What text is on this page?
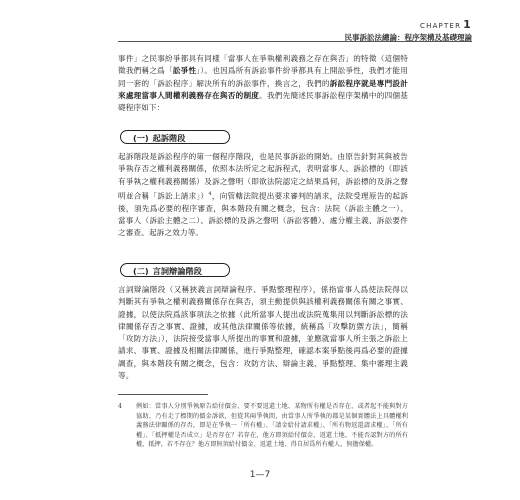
CHAPTER 1
民事訴訟法總論：程序架構及基礎理論

事件」之民事紛爭都具有同樣「當事人在爭執權利義務之存在與否」的特徵（這個特徵我們稱之爲「訟爭性」）。也因爲所有訴訟事件紛爭都具有上開訟爭性，我們才能用同一套的「訴訟程序」解決所有的訴訟事件，換言之，我們的訴訟程序就是專門設計來處理當事人間權利義務存在與否的制度。我們先簡述民事訴訟程序架構中的四個基礎程序如下：

(一) 起訴階段

起訴階段是訴訟程序的第一個程序階段，也是民事訴訟的開始。由原告針對其與被告爭執存否之權利義務關係，依照本法所定之起訴程式，表明當事人、訴訟標的（即該有爭執之權利義務關係）及訴之聲明（即欲法院認定之結果爲何，訴訟標的及訴之聲明並合稱「訴訟上請求」）$^4$，向管轄法院提出要求審判的請求，法院受理原告的起訴後，須先爲必要的程序審查，與本階段有關之概念，包含：法院（訴訟主體之一）、當事人（訴訟主體之二）、訴訟標的及訴之聲明（訴訟客體）、處分權主義、訴訟要件之審查、起訴之效力等。

(二) 言詞辯論階段

言詞辯論階段（又稱狹義言詞辯論程序、爭點整理程序），係指當事人爲使法院得以判斷其有爭執之權利義務關係存在與否，須主動提供與該權利義務關係有關之事實、證據，以使法院爲該事項法之依據（此所當事人提出或法院蒐集用以判斷訴訟標的法律關係存否之事實、證據，或其他法律關係等依據，統稱爲「攻擊防禦方法」，簡稱「攻防方法」），法院接受當事人所提出的事實和證據，並應就當事人所主張之訴訟上請求、事實、證據及相關法律關係，進行爭點整理，確認本案爭點後再爲必要的證據調查，與本階段有關之概念，包含：攻防方法、辯論主義、爭點整理、集中審理主義等。

4 例如：當事人分別爭執原告給付價金、要不要返還土地、某物所有權是否存在、或者起不能與對方協助、乃有走了標期的價金訴欲，但從其兩爭執間，由當事人所爭執的都是某個實體法上具體權利義務法律關係的存否，即是在爭執一「所有權」、「請金給付請求權」、「所有物返還請求權」、「所有權」、「抵押權是否成立」是否存在？若存在，他方即須給付價金、返還土地、不能否認對方的所有權，抵押，若不存在？他方即無須給付價金、返還土地、得自居爲所有權人，無擔保權。
1—7
